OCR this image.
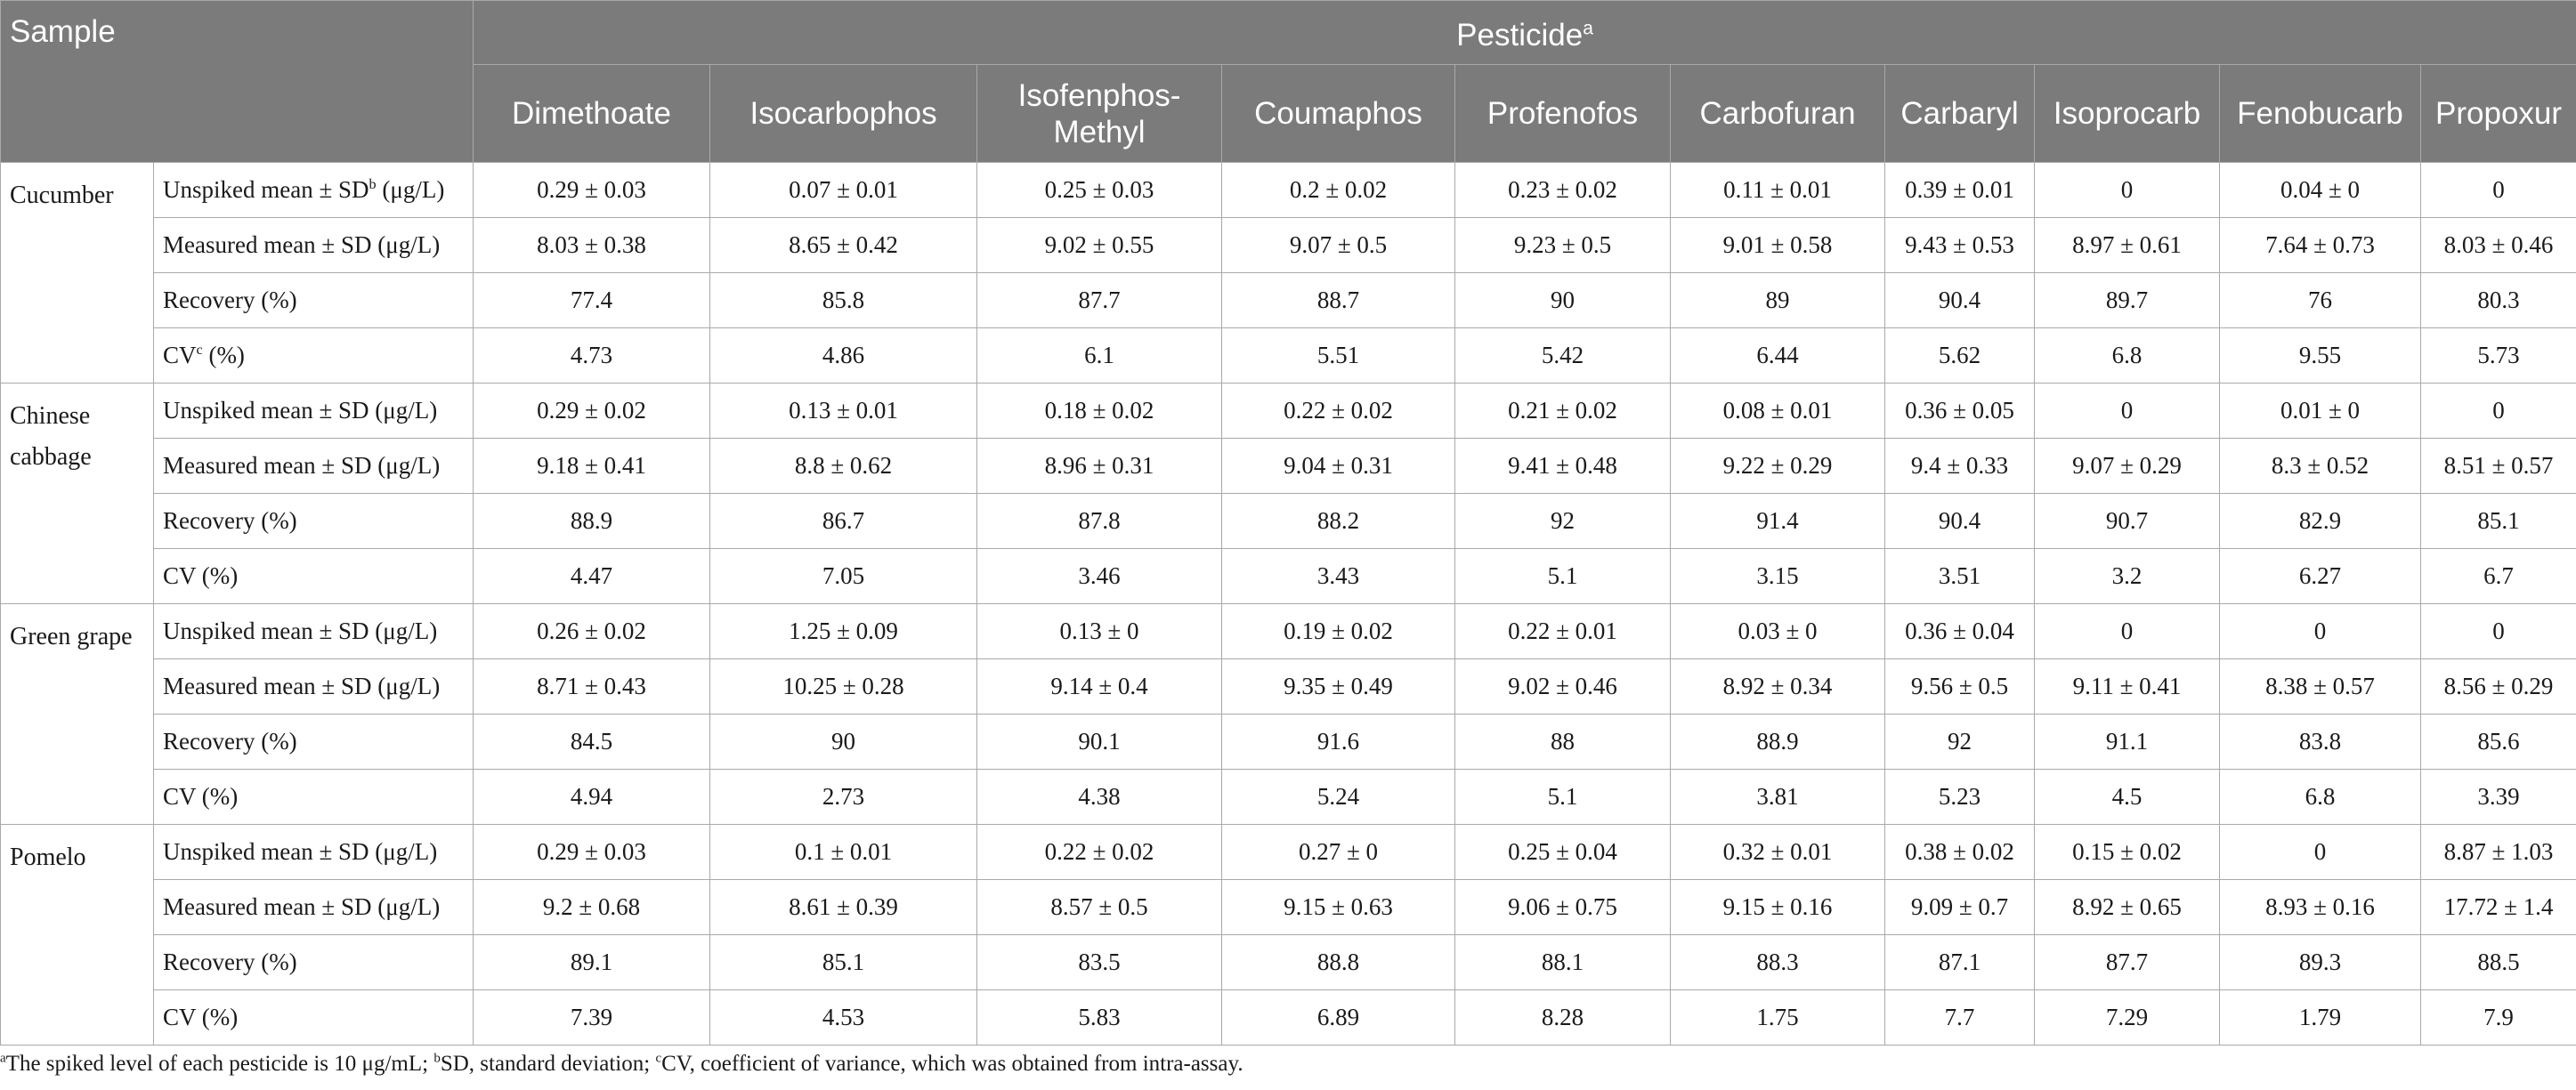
Sample		Pesticide$^a$
		Dimethoate	Isocarbophos	Isofenphos-Methyl	Coumaphos	Profenofos	Carbofuran	Carbaryl	Isoprocarb	Fenobucarb	Propoxur
Cucumber	Unspiked mean ± $SD^b$ (μg/L)	0.29 ± 0.03	0.07 ± 0.01	0.25 ± 0.03	0.2 ± 0.02	0.23 ± 0.02	0.11 ± 0.01	0.39 ± 0.01	0	0.04 ± 0	0
	Measured mean ± SD (μg/L)	8.03 ± 0.38	8.65 ± 0.42	9.02 ± 0.55	9.07 ± 0.5	9.23 ± 0.5	9.01 ± 0.58	9.43 ± 0.53	8.97 ± 0.61	7.64 ± 0.73	8.03 ± 0.46
	Recovery (%)	77.4	85.8	87.7	88.7	90	89	90.4	89.7	76	80.3
	$CV^c$ (%)	4.73	4.86	6.1	5.51	5.42	6.44	5.62	6.8	9.55	5.73
Chinese cabbage	Unspiked mean ± SD (μg/L)	0.29 ± 0.02	0.13 ± 0.01	0.18 ± 0.02	0.22 ± 0.02	0.21 ± 0.02	0.08 ± 0.01	0.36 ± 0.05	0	0.01 ± 0	0
	Measured mean ± SD (μg/L)	9.18 ± 0.41	8.8 ± 0.62	8.96 ± 0.31	9.04 ± 0.31	9.41 ± 0.48	9.22 ± 0.29	9.4 ± 0.33	9.07 ± 0.29	8.3 ± 0.52	8.51 ± 0.57
	Recovery (%)	88.9	86.7	87.8	88.2	92	91.4	90.4	90.7	82.9	85.1
	CV (%)	4.47	7.05	3.46	3.43	5.1	3.15	3.51	3.2	6.27	6.7
Green grape	Unspiked mean ± SD (μg/L)	0.26 ± 0.02	1.25 ± 0.09	0.13 ± 0	0.19 ± 0.02	0.22 ± 0.01	0.03 ± 0	0.36 ± 0.04	0	0	0
	Measured mean ± SD (μg/L)	8.71 ± 0.43	10.25 ± 0.28	9.14 ± 0.4	9.35 ± 0.49	9.02 ± 0.46	8.92 ± 0.34	9.56 ± 0.5	9.11 ± 0.41	8.38 ± 0.57	8.56 ± 0.29
	Recovery (%)	84.5	90	90.1	91.6	88	88.9	92	91.1	83.8	85.6
	CV (%)	4.94	2.73	4.38	5.24	5.1	3.81	5.23	4.5	6.8	3.39
Pomelo	Unspiked mean ± SD (μg/L)	0.29 ± 0.03	0.1 ± 0.01	0.22 ± 0.02	0.27 ± 0	0.25 ± 0.04	0.32 ± 0.01	0.38 ± 0.02	0.15 ± 0.02	0	8.87 ± 1.03
	Measured mean ± SD (μg/L)	9.2 ± 0.68	8.61 ± 0.39	8.57 ± 0.5	9.15 ± 0.63	9.06 ± 0.75	9.15 ± 0.16	9.09 ± 0.7	8.92 ± 0.65	8.93 ± 0.16	17.72 ± 1.4
	Recovery (%)	89.1	85.1	83.5	88.8	88.1	88.3	87.1	87.7	89.3	88.5
	CV (%)	7.39	4.53	5.83	6.89	8.28	1.75	7.7	7.29	1.79	7.9
$^a$The spiked level of each pesticide is 10 μg/mL; $^b$SD, standard deviation; $^c$CV, coefficient of variance, which was obtained from intra-assay.
